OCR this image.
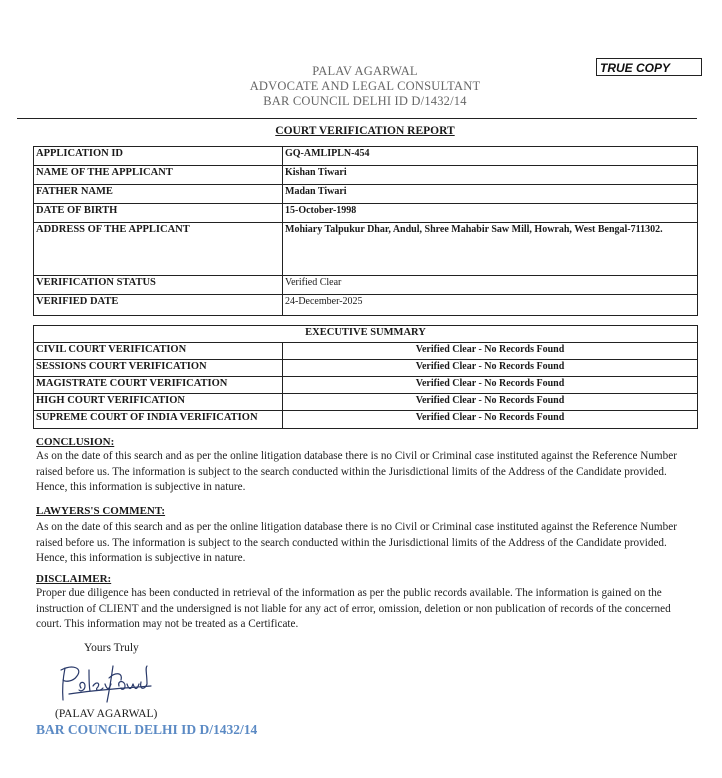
TRUE COPY
PALAV AGARWAL
ADVOCATE AND LEGAL CONSULTANT
BAR COUNCIL DELHI ID D/1432/14
COURT VERIFICATION REPORT
APPLICATION ID	GQ-AMLIPLN-454
NAME OF THE APPLICANT	Kishan Tiwari
FATHER NAME	Madan Tiwari
DATE OF BIRTH	15-October-1998
ADDRESS OF THE APPLICANT	Mohiary Talpukur Dhar, Andul, Shree Mahabir Saw Mill, Howrah, West Bengal-711302.
VERIFICATION STATUS	Verified Clear
VERIFIED DATE	24-December-2025
EXECUTIVE SUMMARY	
CIVIL COURT VERIFICATION	Verified Clear - No Records Found
SESSIONS COURT VERIFICATION	Verified Clear - No Records Found
MAGISTRATE COURT VERIFICATION	Verified Clear - No Records Found
HIGH COURT VERIFICATION	Verified Clear - No Records Found
SUPREME COURT OF INDIA VERIFICATION	Verified Clear - No Records Found
CONCLUSION:
As on the date of this search and as per the online litigation database there is no Civil or Criminal case instituted against the Reference Number raised before us. The information is subject to the search conducted within the Jurisdictional limits of the Address of the Candidate provided. Hence, this information is subjective in nature.
LAWYERS'S COMMENT:
As on the date of this search and as per the online litigation database there is no Civil or Criminal case instituted against the Reference Number raised before us. The information is subject to the search conducted within the Jurisdictional limits of the Address of the Candidate provided. Hence, this information is subjective in nature.
DISCLAIMER:
Proper due diligence has been conducted in retrieval of the information as per the public records available. The information is gained on the instruction of CLIENT and the undersigned is not liable for any act of error, omission, deletion or non publication of records of the concerned court. This information may not be treated as a Certificate.
Yours Truly
(PALAV AGARWAL)
BAR COUNCIL DELHI ID D/1432/14
